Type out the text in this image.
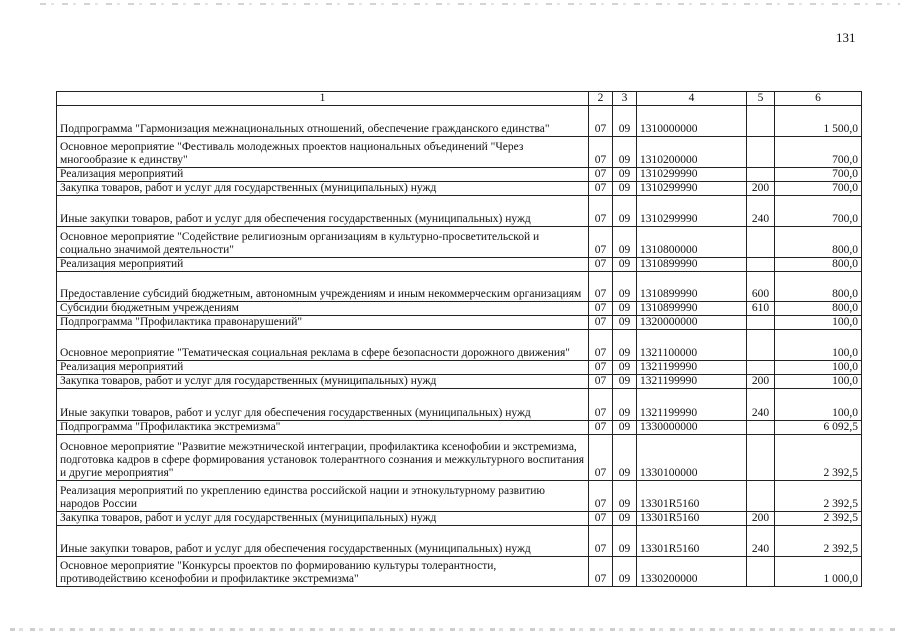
131
1	2	3	4	5	6
Подпрограмма "Гармонизация межнациональных отношений, обеспечение гражданского единства"	07	09	1310000000		1 500,0
Основное мероприятие "Фестиваль молодежных проектов национальных объединений "Через многообразие к единству"	07	09	1310200000		700,0
Реализация мероприятий	07	09	1310299990		700,0
Закупка товаров, работ и услуг для государственных (муниципальных) нужд	07	09	1310299990	200	700,0
Иные закупки товаров, работ и услуг для обеспечения государственных (муниципальных) нужд	07	09	1310299990	240	700,0
Основное мероприятие "Содействие религиозным организациям в культурно-просветительской и социально значимой деятельности"	07	09	1310800000		800,0
Реализация мероприятий	07	09	1310899990		800,0
Предоставление субсидий бюджетным, автономным учреждениям и иным некоммерческим организациям	07	09	1310899990	600	800,0
Субсидии бюджетным учреждениям	07	09	1310899990	610	800,0
Подпрограмма "Профилактика правонарушений"	07	09	1320000000		100,0
Основное мероприятие "Тематическая социальная реклама в сфере безопасности дорожного движения"	07	09	1321100000		100,0
Реализация мероприятий	07	09	1321199990		100,0
Закупка товаров, работ и услуг для государственных (муниципальных) нужд	07	09	1321199990	200	100,0
Иные закупки товаров, работ и услуг для обеспечения государственных (муниципальных) нужд	07	09	1321199990	240	100,0
Подпрограмма "Профилактика экстремизма"	07	09	1330000000		6 092,5
Основное мероприятие "Развитие межэтнической интеграции, профилактика ксенофобии и экстремизма, подготовка кадров в сфере формирования установок толерантного сознания и межкультурного воспитания и другие мероприятия"	07	09	1330100000		2 392,5
Реализация мероприятий по укреплению единства российской нации и этнокультурному развитию народов России	07	09	13301R5160		2 392,5
Закупка товаров, работ и услуг для государственных (муниципальных) нужд	07	09	13301R5160	200	2 392,5
Иные закупки товаров, работ и услуг для обеспечения государственных (муниципальных) нужд	07	09	13301R5160	240	2 392,5
Основное мероприятие "Конкурсы проектов по формированию культуры толерантности, противодействию ксенофобии и профилактике экстремизма"	07	09	1330200000		1 000,0
